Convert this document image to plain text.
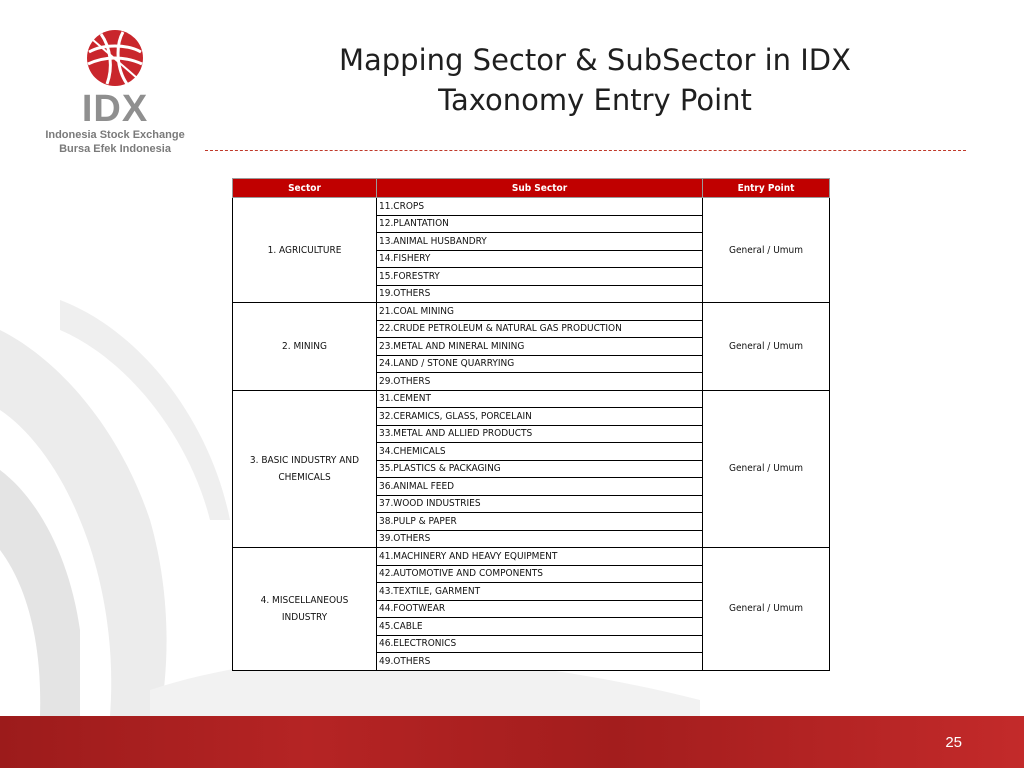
IDX
Indonesia Stock Exchange
Bursa Efek Indonesia
Mapping Sector & SubSector in IDX
Taxonomy Entry Point
Sector	Sub Sector	Entry Point

1. AGRICULTURE	11.CROPS	General / Umum
	12.PLANTATION	
	13.ANIMAL HUSBANDRY	
	14.FISHERY	
	15.FORESTRY	
	19.OTHERS	

2. MINING	21.COAL MINING	General / Umum
	22.CRUDE PETROLEUM & NATURAL GAS PRODUCTION	
	23.METAL AND MINERAL MINING	
	24.LAND / STONE QUARRYING	
	29.OTHERS	

3. BASIC INDUSTRY AND
CHEMICALS	31.CEMENT	General / Umum
	32.CERAMICS, GLASS, PORCELAIN	
	33.METAL AND ALLIED PRODUCTS	
	34.CHEMICALS	
	35.PLASTICS & PACKAGING	
	36.ANIMAL FEED	
	37.WOOD INDUSTRIES	
	38.PULP & PAPER	
	39.OTHERS	

4. MISCELLANEOUS
INDUSTRY	41.MACHINERY AND HEAVY EQUIPMENT	General / Umum
	42.AUTOMOTIVE AND COMPONENTS	
	43.TEXTILE, GARMENT	
	44.FOOTWEAR	
	45.CABLE	
	46.ELECTRONICS	
	49.OTHERS	
25
